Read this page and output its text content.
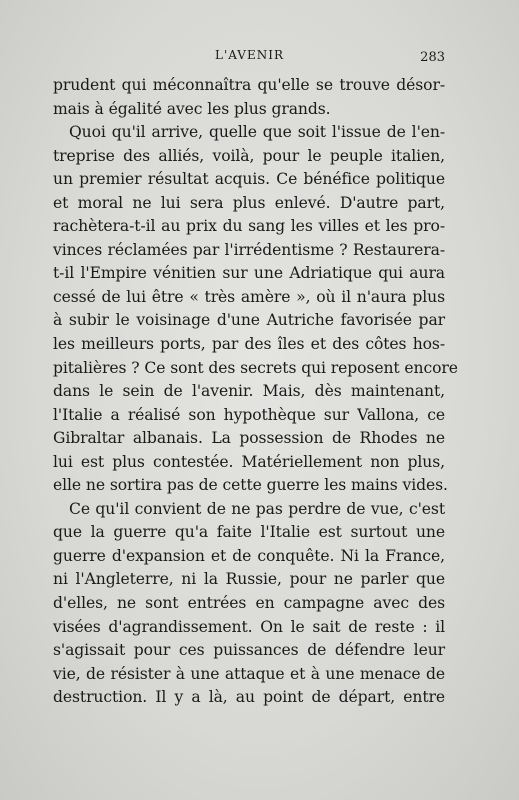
L'AVENIR	283
prudent qui méconnaîtra qu'elle se trouve désor-
mais à égalité avec les plus grands.
Quoi qu'il arrive, quelle que soit l'issue de l'en-
treprise des alliés, voilà, pour le peuple italien,
un premier résultat acquis. Ce bénéfice politique
et moral ne lui sera plus enlevé. D'autre part,
rachètera-t-il au prix du sang les villes et les pro-
vinces réclamées par l'irrédentisme ? Restaurera-
t-il l'Empire vénitien sur une Adriatique qui aura
cessé de lui être « très amère », où il n'aura plus
à subir le voisinage d'une Autriche favorisée par
les meilleurs ports, par des îles et des côtes hos-
pitalières ? Ce sont des secrets qui reposent encore
dans le sein de l'avenir. Mais, dès maintenant,
l'Italie a réalisé son hypothèque sur Vallona, ce
Gibraltar albanais. La possession de Rhodes ne
lui est plus contestée. Matériellement non plus,
elle ne sortira pas de cette guerre les mains vides.
Ce qu'il convient de ne pas perdre de vue, c'est
que la guerre qu'a faite l'Italie est surtout une
guerre d'expansion et de conquête. Ni la France,
ni l'Angleterre, ni la Russie, pour ne parler que
d'elles, ne sont entrées en campagne avec des
visées d'agrandissement. On le sait de reste : il
s'agissait pour ces puissances de défendre leur
vie, de résister à une attaque et à une menace de
destruction. Il y a là, au point de départ, entre
